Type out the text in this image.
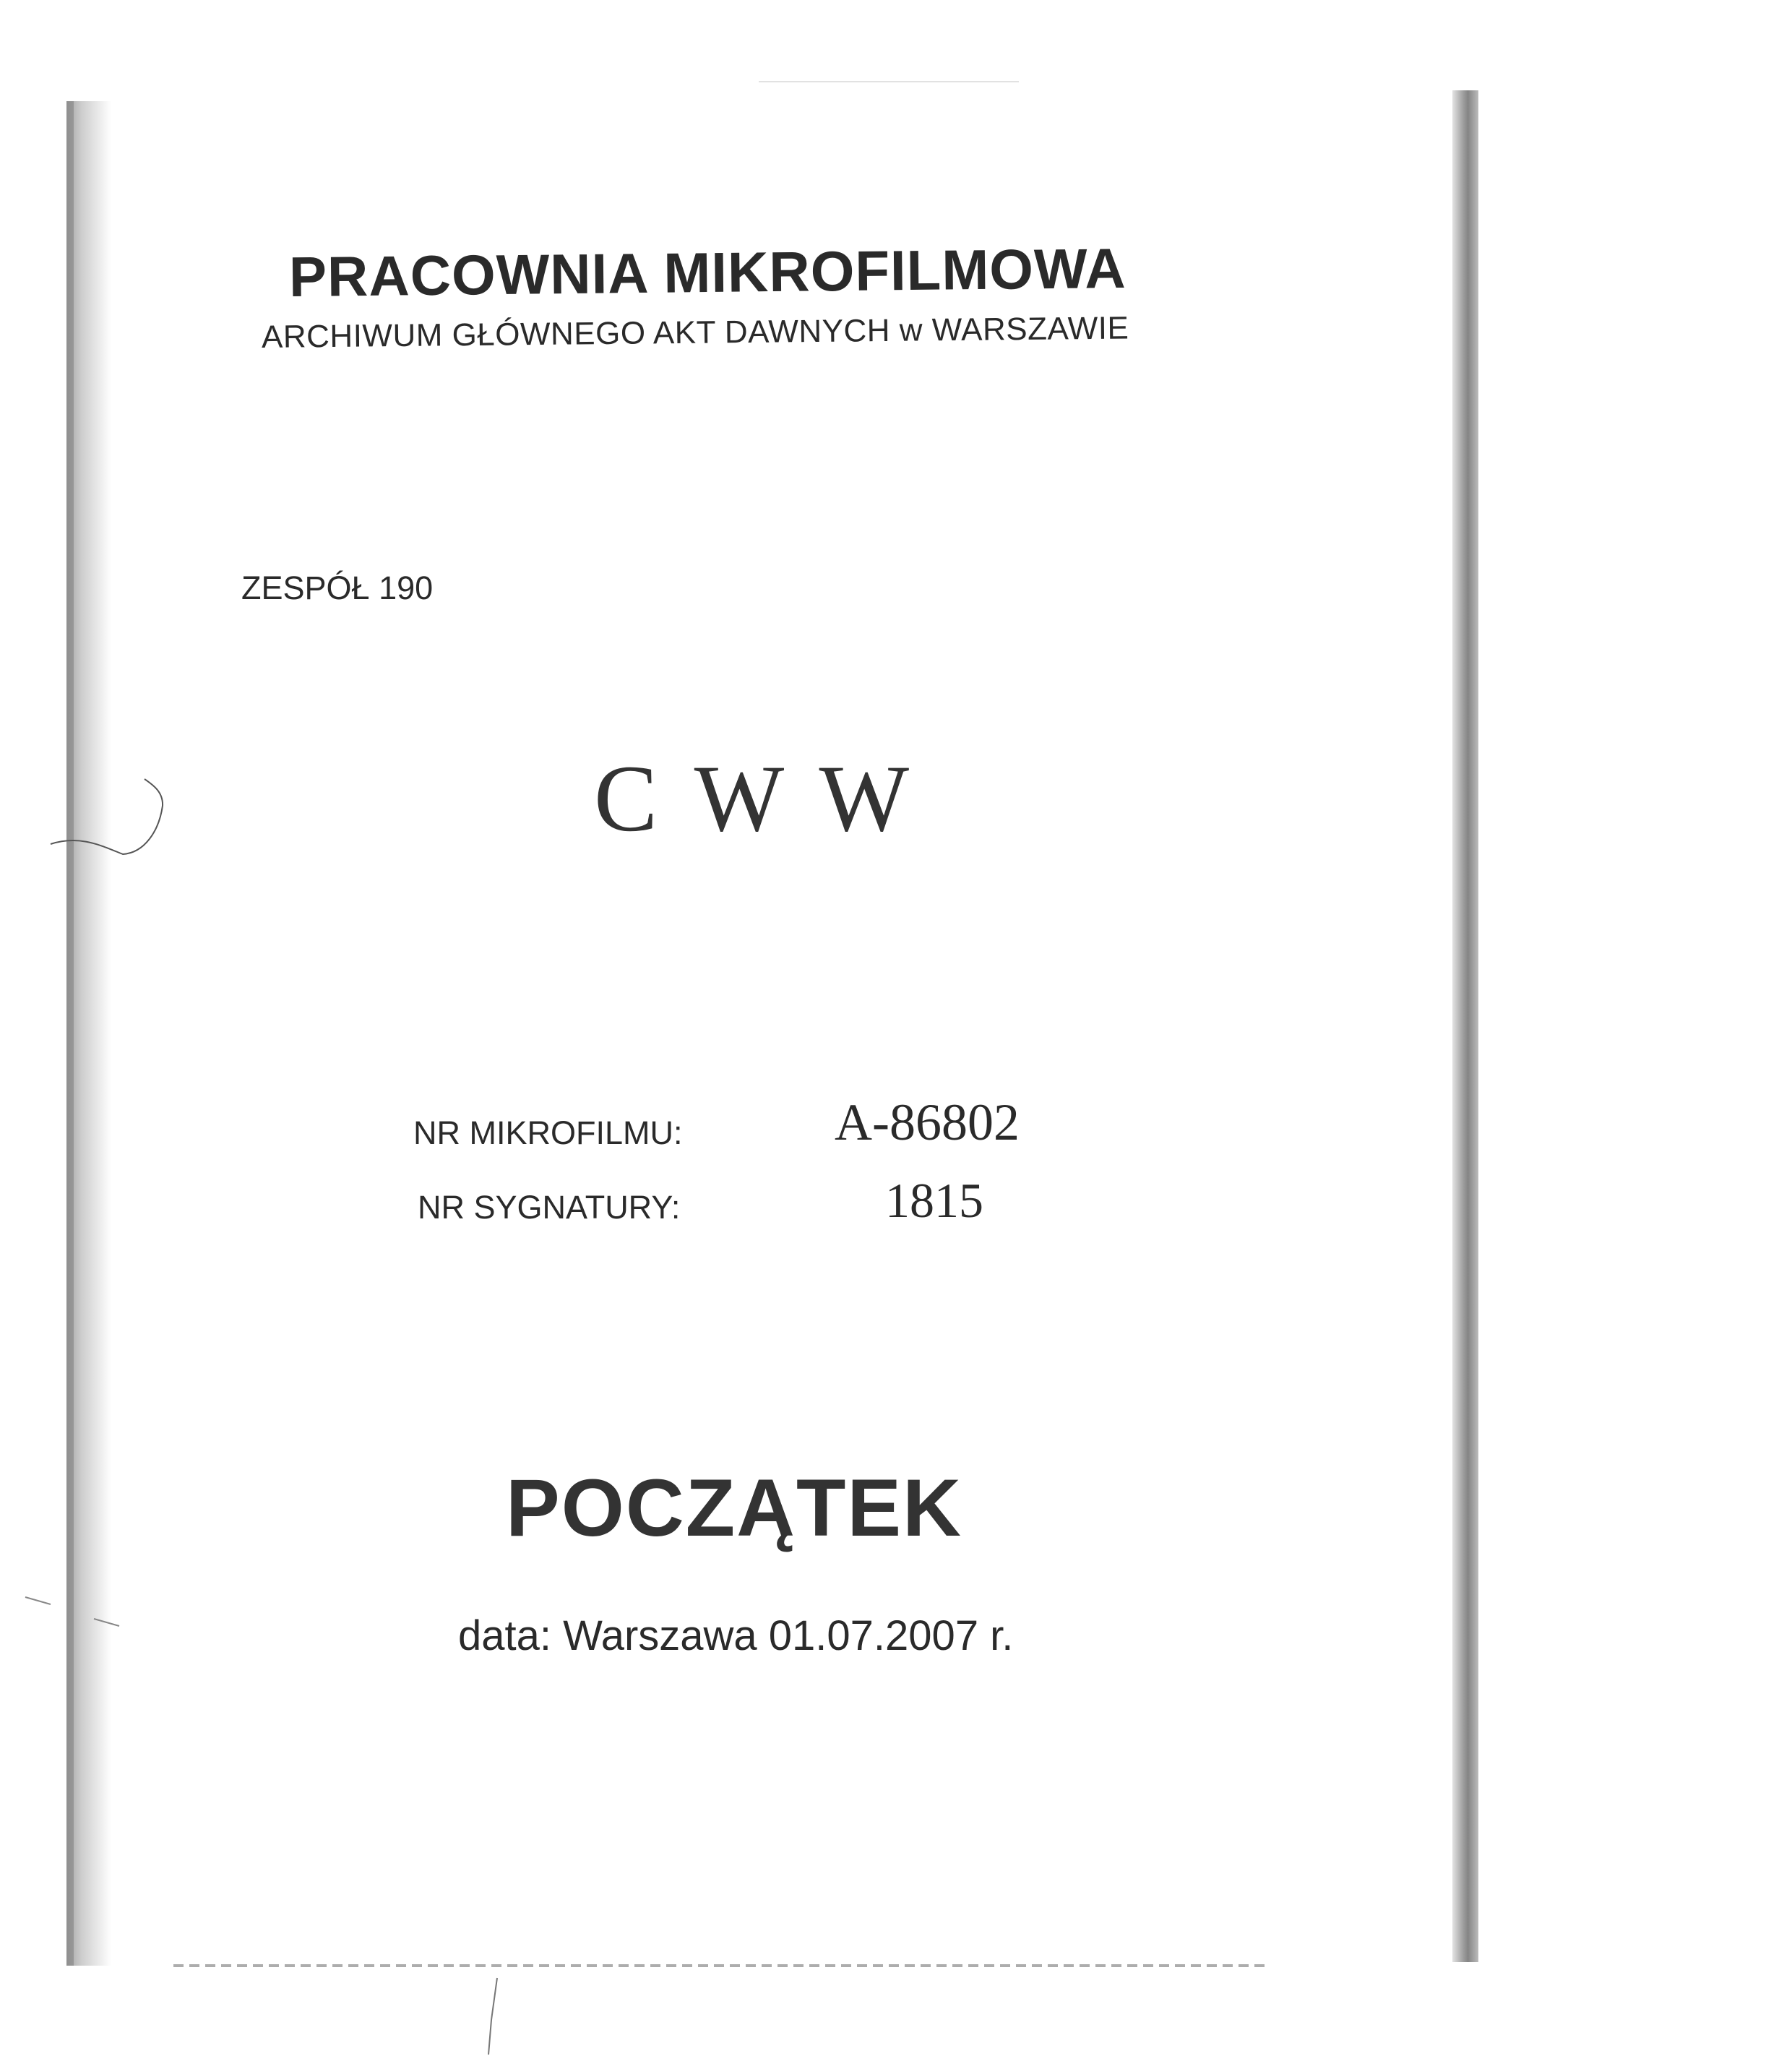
PRACOWNIA MIKROFILMOWA
ARCHIWUM GŁÓWNEGO AKT DAWNYCH w WARSZAWIE
ZESPÓŁ 190
C W W
NR MIKROFILMU:	A-86802
NR SYGNATURY:	1815
POCZĄTEK
data: Warszawa 01.07.2007 r.
